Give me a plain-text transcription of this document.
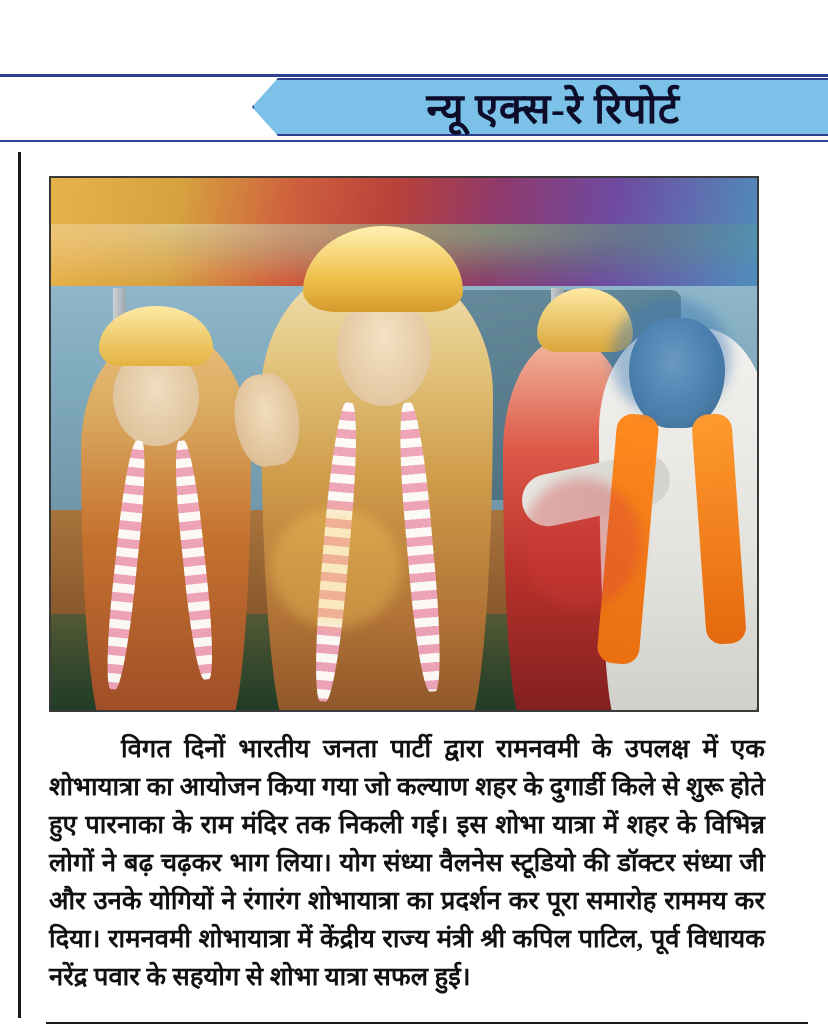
न्यू एक्स-रे रिपोर्ट
विगत दिनों भारतीय जनता पार्टी द्वारा रामनवमी के उपलक्ष में एक शोभायात्रा का आयोजन किया गया जो कल्याण शहर के दुगार्डी किले से शुरू होते हुए पारनाका के राम मंदिर तक निकली गई। इस शोभा यात्रा में शहर के विभिन्न लोगों ने बढ़ चढ़कर भाग लिया। योग संध्या वैलनेस स्टूडियो की डॉक्टर संध्या जी और उनके योगियों ने रंगारंग शोभायात्रा का प्रदर्शन कर पूरा समारोह राममय कर दिया। रामनवमी शोभायात्रा में केंद्रीय राज्य मंत्री श्री कपिल पाटिल, पूर्व विधायक नरेंद्र पवार के सहयोग से शोभा यात्रा सफल हुई।
